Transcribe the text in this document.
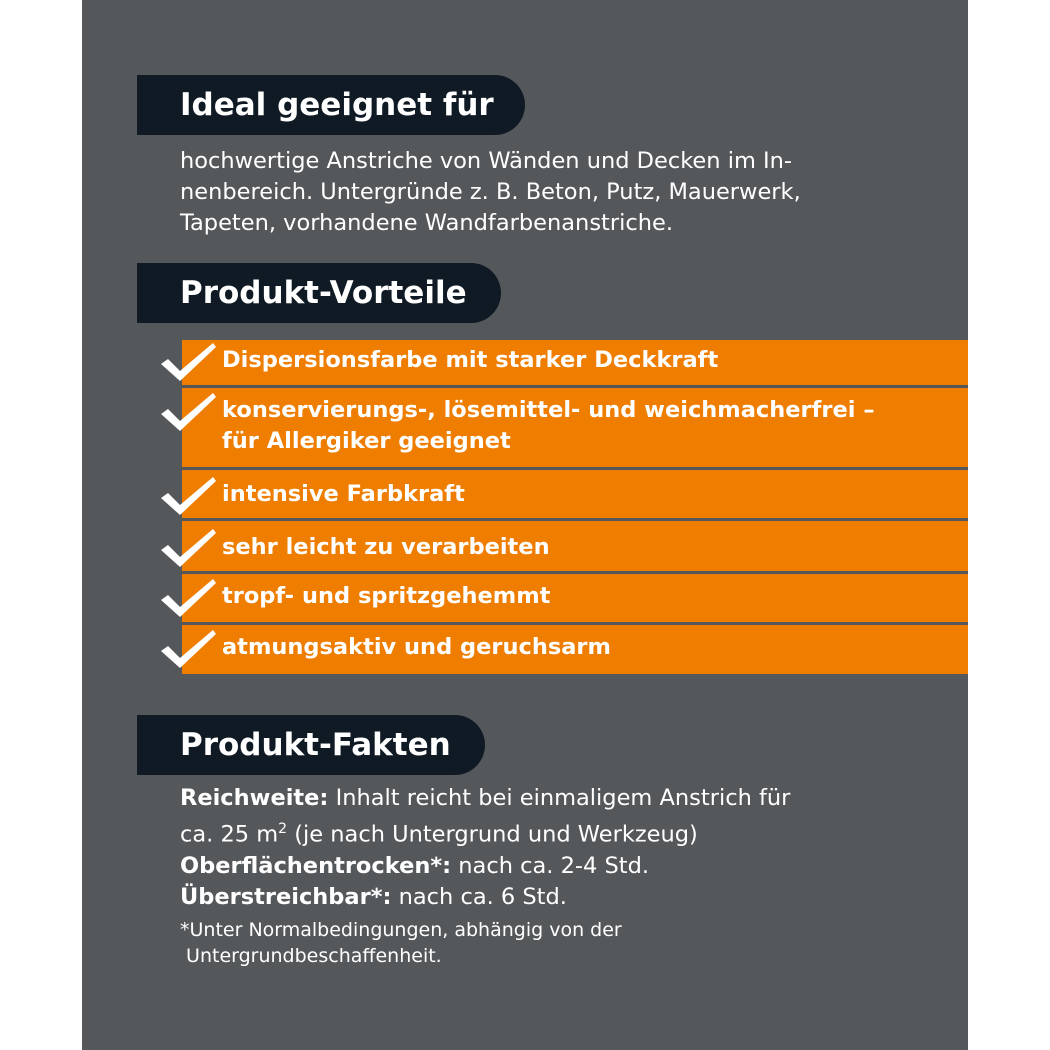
Ideal geeignet für
hochwertige Anstriche von Wänden und Decken im In-
nenbereich. Untergründe z. B. Beton, Putz, Mauerwerk,
Tapeten, vorhandene Wandfarbenanstriche.
Produkt-Vorteile
Dispersionsfarbe mit starker Deckkraft
konservierungs-, lösemittel- und weichmacherfrei –
für Allergiker geeignet
intensive Farbkraft
sehr leicht zu verarbeiten
tropf- und spritzgehemmt
atmungsaktiv und geruchsarm
Produkt-Fakten
Reichweite: Inhalt reicht bei einmaligem Anstrich für
ca. 25 $m^2$ (je nach Untergrund und Werkzeug)
Oberflächentrocken*: nach ca. 2-4 Std.
Überstreichbar*: nach ca. 6 Std.
*Unter Normalbedingungen, abhängig von der
Untergrundbeschaffenheit.
